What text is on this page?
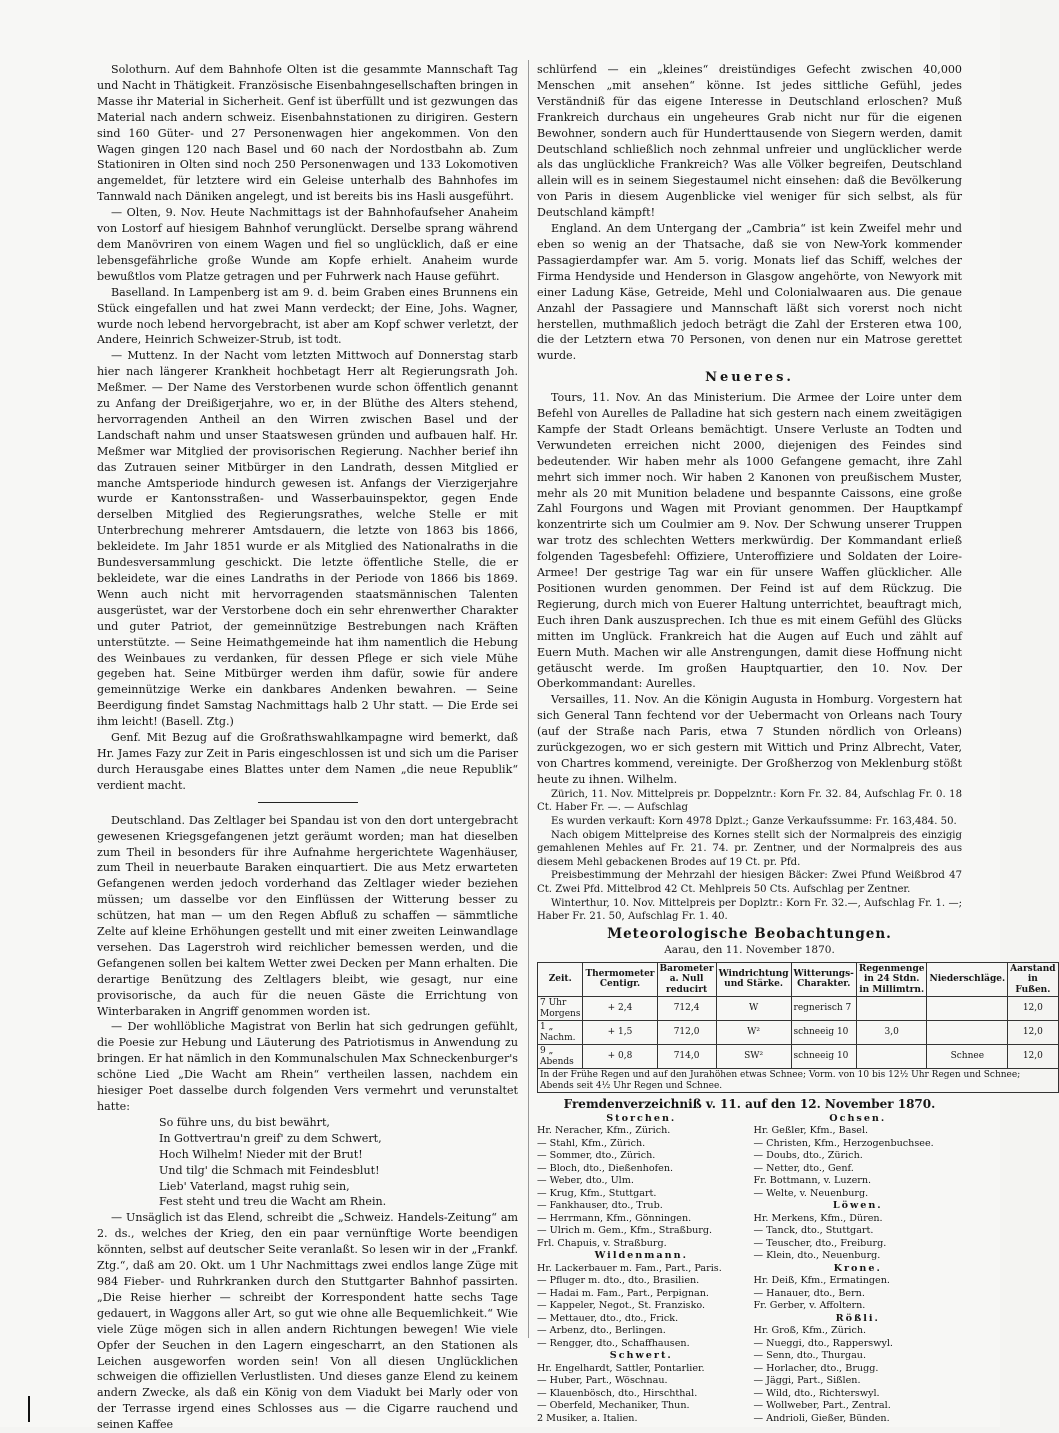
Solothurn. Auf dem Bahnhofe Olten ist die gesammte Mannschaft Tag und Nacht in Thätigkeit. Französische Eisenbahngesellschaften bringen in Masse ihr Material in Sicherheit. Genf ist überfüllt und ist gezwungen das Material nach andern schweiz. Eisenbahnstationen zu dirigiren. Gestern sind 160 Güter- und 27 Personenwagen hier angekommen. Von den Wagen gingen 120 nach Basel und 60 nach der Nordostbahn ab. Zum Stationiren in Olten sind noch 250 Personenwagen und 133 Lokomotiven angemeldet, für letztere wird ein Geleise unterhalb des Bahnhofes im Tannwald nach Däniken angelegt, und ist bereits bis ins Hasli ausgeführt.

— Olten, 9. Nov. Heute Nachmittags ist der Bahnhofaufseher Anaheim von Lostorf auf hiesigem Bahnhof verunglückt. Derselbe sprang während dem Manövriren von einem Wagen und fiel so unglücklich, daß er eine lebensgefährliche große Wunde am Kopfe erhielt. Anaheim wurde bewußtlos vom Platze getragen und per Fuhrwerk nach Hause geführt.

Baselland. In Lampenberg ist am 9. d. beim Graben eines Brunnens ein Stück eingefallen und hat zwei Mann verdeckt; der Eine, Johs. Wagner, wurde noch lebend hervorgebracht, ist aber am Kopf schwer verletzt, der Andere, Heinrich Schweizer-Strub, ist todt.

— Muttenz. In der Nacht vom letzten Mittwoch auf Donnerstag starb hier nach längerer Krankheit hochbetagt Herr alt Regierungsrath Joh. Meßmer. — Der Name des Verstorbenen wurde schon öffentlich genannt zu Anfang der Dreißigerjahre, wo er, in der Blüthe des Alters stehend, hervorragenden Antheil an den Wirren zwischen Basel und der Landschaft nahm und unser Staatswesen gründen und aufbauen half. Hr. Meßmer war Mitglied der provisorischen Regierung. Nachher berief ihn das Zutrauen seiner Mitbürger in den Landrath, dessen Mitglied er manche Amtsperiode hindurch gewesen ist. Anfangs der Vierzigerjahre wurde er Kantonsstraßen- und Wasserbauinspektor, gegen Ende derselben Mitglied des Regierungsrathes, welche Stelle er mit Unterbrechung mehrerer Amtsdauern, die letzte von 1863 bis 1866, bekleidete. Im Jahr 1851 wurde er als Mitglied des Nationalraths in die Bundesversammlung geschickt. Die letzte öffentliche Stelle, die er bekleidete, war die eines Landraths in der Periode von 1866 bis 1869. Wenn auch nicht mit hervorragenden staatsmännischen Talenten ausgerüstet, war der Verstorbene doch ein sehr ehrenwerther Charakter und guter Patriot, der gemeinnützige Bestrebungen nach Kräften unterstützte. — Seine Heimathgemeinde hat ihm namentlich die Hebung des Weinbaues zu verdanken, für dessen Pflege er sich viele Mühe gegeben hat. Seine Mitbürger werden ihm dafür, sowie für andere gemeinnützige Werke ein dankbares Andenken bewahren. — Seine Beerdigung findet Samstag Nachmittags halb 2 Uhr statt. — Die Erde sei ihm leicht! (Basell. Ztg.)

Genf. Mit Bezug auf die Großrathswahlkampagne wird bemerkt, daß Hr. James Fazy zur Zeit in Paris eingeschlossen ist und sich um die Pariser durch Herausgabe eines Blattes unter dem Namen „die neue Republik“ verdient macht.

Deutschland. Das Zeltlager bei Spandau ist von den dort untergebracht gewesenen Kriegsgefangenen jetzt geräumt worden; man hat dieselben zum Theil in besonders für ihre Aufnahme hergerichtete Wagenhäuser, zum Theil in neuerbaute Baraken einquartiert. Die aus Metz erwarteten Gefangenen werden jedoch vorderhand das Zeltlager wieder beziehen müssen; um dasselbe vor den Einflüssen der Witterung besser zu schützen, hat man — um den Regen Abfluß zu schaffen — sämmtliche Zelte auf kleine Erhöhungen gestellt und mit einer zweiten Leinwandlage versehen. Das Lagerstroh wird reichlicher bemessen werden, und die Gefangenen sollen bei kaltem Wetter zwei Decken per Mann erhalten. Die derartige Benützung des Zeltlagers bleibt, wie gesagt, nur eine provisorische, da auch für die neuen Gäste die Errichtung von Winterbaraken in Angriff genommen worden ist.

— Der wohllöbliche Magistrat von Berlin hat sich gedrungen gefühlt, die Poesie zur Hebung und Läuterung des Patriotismus in Anwendung zu bringen. Er hat nämlich in den Kommunalschulen Max Schneckenburger's schöne Lied „Die Wacht am Rhein“ vertheilen lassen, nachdem ein hiesiger Poet dasselbe durch folgenden Vers vermehrt und verunstaltet hatte:

So führe uns, du bist bewährt,
In Gottvertrau'n greif' zu dem Schwert,
Hoch Wilhelm! Nieder mit der Brut!
Und tilg' die Schmach mit Feindesblut!
Lieb' Vaterland, magst ruhig sein,
Fest steht und treu die Wacht am Rhein.

— Unsäglich ist das Elend, schreibt die „Schweiz. Handels-Zeitung“ am 2. ds., welches der Krieg, den ein paar vernünftige Worte beendigen könnten, selbst auf deutscher Seite veranlaßt. So lesen wir in der „Frankf. Ztg.“, daß am 20. Okt. um 1 Uhr Nachmittags zwei endlos lange Züge mit 984 Fieber- und Ruhrkranken durch den Stuttgarter Bahnhof passirten. „Die Reise hierher — schreibt der Korrespondent hatte sechs Tage gedauert, in Waggons aller Art, so gut wie ohne alle Bequemlichkeit.“ Wie viele Züge mögen sich in allen andern Richtungen bewegen! Wie viele Opfer der Seuchen in den Lagern eingescharrt, an den Stationen als Leichen ausgeworfen worden sein! Von all diesen Unglücklichen schweigen die offiziellen Verlustlisten. Und dieses ganze Elend zu keinem andern Zwecke, als daß ein König von dem Viadukt bei Marly oder von der Terrasse irgend eines Schlosses aus — die Cigarre rauchend und seinen Kaffee

schlürfend — ein „kleines“ dreistündiges Gefecht zwischen 40,000 Menschen „mit ansehen“ könne. Ist jedes sittliche Gefühl, jedes Verständniß für das eigene Interesse in Deutschland erloschen? Muß Frankreich durchaus ein ungeheures Grab nicht nur für die eigenen Bewohner, sondern auch für Hunderttausende von Siegern werden, damit Deutschland schließlich noch zehnmal unfreier und unglücklicher werde als das unglückliche Frankreich? Was alle Völker begreifen, Deutschland allein will es in seinem Siegestaumel nicht einsehen: daß die Bevölkerung von Paris in diesem Augenblicke viel weniger für sich selbst, als für Deutschland kämpft!

England. An dem Untergang der „Cambria“ ist kein Zweifel mehr und eben so wenig an der Thatsache, daß sie von New-York kommender Passagierdampfer war. Am 5. vorig. Monats lief das Schiff, welches der Firma Hendyside und Henderson in Glasgow angehörte, von Newyork mit einer Ladung Käse, Getreide, Mehl und Colonialwaaren aus. Die genaue Anzahl der Passagiere und Mannschaft läßt sich vorerst noch nicht herstellen, muthmaßlich jedoch beträgt die Zahl der Ersteren etwa 100, die der Letztern etwa 70 Personen, von denen nur ein Matrose gerettet wurde.

Neueres.

Tours, 11. Nov. An das Ministerium. Die Armee der Loire unter dem Befehl von Aurelles de Palladine hat sich gestern nach einem zweitägigen Kampfe der Stadt Orleans bemächtigt. Unsere Verluste an Todten und Verwundeten erreichen nicht 2000, diejenigen des Feindes sind bedeutender. Wir haben mehr als 1000 Gefangene gemacht, ihre Zahl mehrt sich immer noch. Wir haben 2 Kanonen von preußischem Muster, mehr als 20 mit Munition beladene und bespannte Caissons, eine große Zahl Fourgons und Wagen mit Proviant genommen. Der Hauptkampf konzentrirte sich um Coulmier am 9. Nov. Der Schwung unserer Truppen war trotz des schlechten Wetters merkwürdig. Der Kommandant erließ folgenden Tagesbefehl: Offiziere, Unteroffiziere und Soldaten der Loire-Armee! Der gestrige Tag war ein für unsere Waffen glücklicher. Alle Positionen wurden genommen. Der Feind ist auf dem Rückzug. Die Regierung, durch mich von Euerer Haltung unterrichtet, beauftragt mich, Euch ihren Dank auszusprechen. Ich thue es mit einem Gefühl des Glücks mitten im Unglück. Frankreich hat die Augen auf Euch und zählt auf Euern Muth. Machen wir alle Anstrengungen, damit diese Hoffnung nicht getäuscht werde. Im großen Hauptquartier, den 10. Nov. Der Oberkommandant: Aurelles.

Versailles, 11. Nov. An die Königin Augusta in Homburg. Vorgestern hat sich General Tann fechtend vor der Uebermacht von Orleans nach Toury (auf der Straße nach Paris, etwa 7 Stunden nördlich von Orleans) zurückgezogen, wo er sich gestern mit Wittich und Prinz Albrecht, Vater, von Chartres kommend, vereinigte. Der Großherzog von Meklenburg stößt heute zu ihnen. Wilhelm.

Zürich, 11. Nov. Mittelpreis pr. Doppelzntr.: Korn Fr. 32. 84, Aufschlag Fr. 0. 18 Ct. Haber Fr. —. — Aufschlag

Es wurden verkauft: Korn 4978 Dplzt.; Ganze Verkaufssumme: Fr. 163,484. 50.

Nach obigem Mittelpreise des Kornes stellt sich der Normalpreis des einzigig gemahlenen Mehles auf Fr. 21. 74. pr. Zentner, und der Normalpreis des aus diesem Mehl gebackenen Brodes auf 19 Ct. pr. Pfd.

Preisbestimmung der Mehrzahl der hiesigen Bäcker: Zwei Pfund Weißbrod 47 Ct. Zwei Pfd. Mittelbrod 42 Ct. Mehlpreis 50 Cts. Aufschlag per Zentner.

Winterthur, 10. Nov. Mittelpreis per Doplztr.: Korn Fr. 32.—, Aufschlag Fr. 1. —; Haber Fr. 21. 50, Aufschlag Fr. 1. 40.

Meteorologische Beobachtungen.
Aarau, den 11. November 1870.
Zeit.	Thermometer Centigr.	Barometer a. Null reducirt	Windrichtung und Stärke.	Witterungs-Charakter.	Regenmenge in 24 Stdn. in Millimtrn.	Niederschläge.	Aarstand in Fußen.
7 Uhr Morgens	+ 2,4	712,4	W	regnerisch 7			12,0
1 „ Nachm.	+ 1,5	712,0	W²	schneeig 10	3,0		12,0
9 „ Abends	+ 0,8	714,0	SW²	schneeig 10		Schnee	12,0
In der Frühe Regen und auf den Jurahöhen etwas Schnee; Vorm. von 10 bis 12½ Uhr Regen und Schnee; Abends seit 4½ Uhr Regen und Schnee.							
Fremdenverzeichniß v. 11. auf den 12. November 1870.
Storchen.
Hr. Neracher, Kfm., Zürich.
— Stahl, Kfm., Zürich.
— Sommer, dto., Zürich.
— Bloch, dto., Dießenhofen.
— Weber, dto., Ulm.
— Krug, Kfm., Stuttgart.
— Fankhauser, dto., Trub.
— Herrmann, Kfm., Gönningen.
— Ulrich m. Gem., Kfm., Straßburg.
Frl. Chapuis, v. Straßburg.
Wildenmann.
Hr. Lackerbauer m. Fam., Part., Paris.
— Pfluger m. dto., dto., Brasilien.
— Hadai m. Fam., Part., Perpignan.
— Kappeler, Negot., St. Franzisko.
— Mettauer, dto., dto., Frick.
— Arbenz, dto., Berlingen.
— Rengger, dto., Schaffhausen.
Schwert.
Hr. Engelhardt, Sattler, Pontarlier.
— Huber, Part., Wöschnau.
— Klauenbösch, dto., Hirschthal.
— Oberfeld, Mechaniker, Thun.
2 Musiker, a. Italien.
Ochsen.
Hr. Geßler, Kfm., Basel.
— Christen, Kfm., Herzogenbuchsee.
— Doubs, dto., Zürich.
— Netter, dto., Genf.
Fr. Bottmann, v. Luzern.
— Welte, v. Neuenburg.
Löwen.
Hr. Merkens, Kfm., Düren.
— Tanck, dto., Stuttgart.
— Teuscher, dto., Freiburg.
— Klein, dto., Neuenburg.
Krone.
Hr. Deiß, Kfm., Ermatingen.
— Hanauer, dto., Bern.
Fr. Gerber, v. Affoltern.
Rößli.
Hr. Groß, Kfm., Zürich.
— Nueggi, dto., Rapperswyl.
— Senn, dto., Thurgau.
— Horlacher, dto., Brugg.
— Jäggi, Part., Sißlen.
— Wild, dto., Richterswyl.
— Wollweber, Part., Zentral.
— Andrioli, Gießer, Bünden.
